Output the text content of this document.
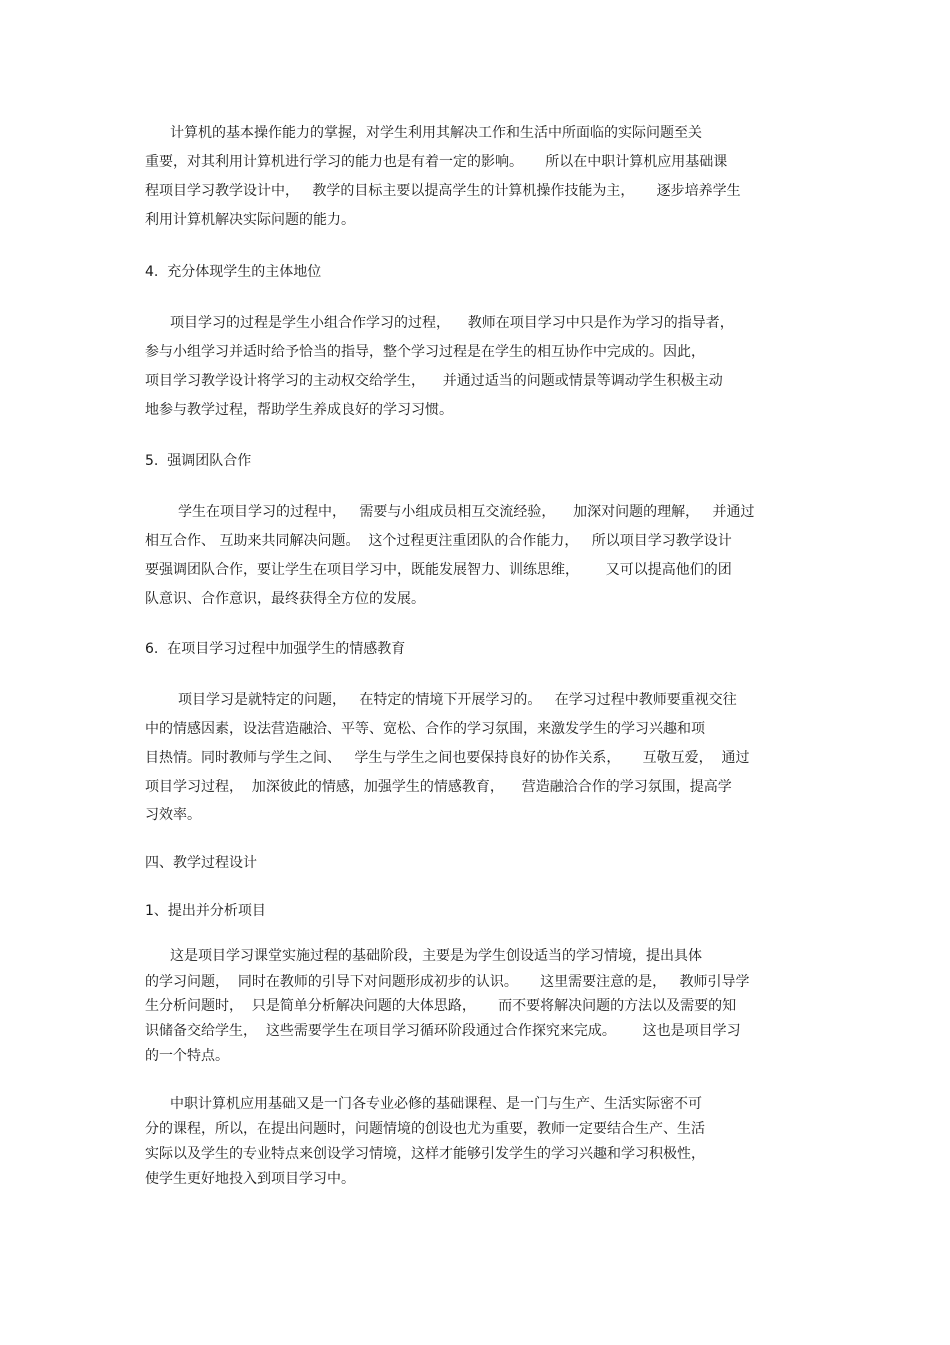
计算机的基本操作能力的掌握，对学生利用其解决工作和生活中所面临的实际问题至关

重要，对其利用计算机进行学习的能力也是有着一定的影响。     所以在中职计算机应用基础课

程项目学习教学设计中，   教学的目标主要以提高学生的计算机操作技能为主，     逐步培养学生

利用计算机解决实际问题的能力。

4.  充分体现学生的主体地位

项目学习的过程是学生小组合作学习的过程，    教师在项目学习中只是作为学习的指导者，

参与小组学习并适时给予恰当的指导，整个学习过程是在学生的相互协作中完成的。因此，

项目学习教学设计将学习的主动权交给学生，    并通过适当的问题或情景等调动学生积极主动

地参与教学过程，帮助学生养成良好的学习习惯。

5.  强调团队合作

学生在项目学习的过程中，   需要与小组成员相互交流经验，    加深对问题的理解，   并通过

相互合作、 互助来共同解决问题。  这个过程更注重团队的合作能力，   所以项目学习教学设计

要强调团队合作，要让学生在项目学习中，既能发展智力、训练思维，      又可以提高他们的团

队意识、合作意识，最终获得全方位的发展。

6.  在项目学习过程中加强学生的情感教育

项目学习是就特定的问题，   在特定的情境下开展学习的。   在学习过程中教师要重视交往

中的情感因素，设法营造融洽、平等、宽松、合作的学习氛围，来激发学生的学习兴趣和项

目热情。同时教师与学生之间、   学生与学生之间也要保持良好的协作关系，     互敬互爱，  通过

项目学习过程，  加深彼此的情感，加强学生的情感教育，    营造融洽合作的学习氛围，提高学

习效率。

四、教学过程设计

1、提出并分析项目

这是项目学习课堂实施过程的基础阶段，主要是为学生创设适当的学习情境，提出具体

的学习问题，  同时在教师的引导下对问题形成初步的认识。     这里需要注意的是，   教师引导学

生分析问题时，  只是简单分析解决问题的大体思路，     而不要将解决问题的方法以及需要的知

识储备交给学生，  这些需要学生在项目学习循环阶段通过合作探究来完成。      这也是项目学习

的一个特点。

中职计算机应用基础又是一门各专业必修的基础课程、是一门与生产、生活实际密不可

分的课程，所以，在提出问题时，问题情境的创设也尤为重要，教师一定要结合生产、生活

实际以及学生的专业特点来创设学习情境，这样才能够引发学生的学习兴趣和学习积极性，

使学生更好地投入到项目学习中。
